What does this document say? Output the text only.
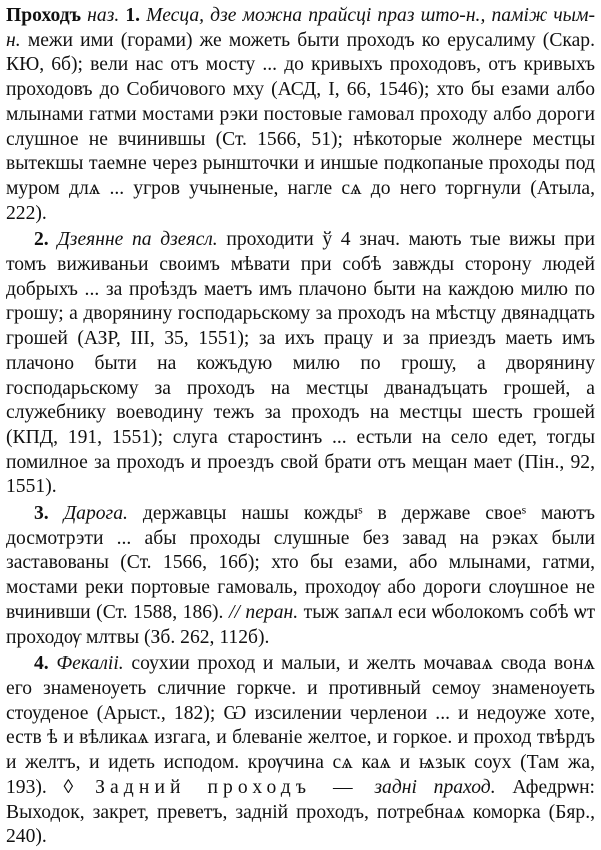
Проходъ наз. 1. Месца, дзе можна прайсці праз што-н., паміж чым-н. межи ими (горами) же можеть быти проходъ ко ерусалиму (Скар. КЮ, 6б); вели нас отъ мосту ... до кривыхъ проходовъ, отъ кривыхъ проходовъ до Собичового мху (АСД, I, 66, 1546); хто бы езами албо млынами гатми мостами рэки постовые гамовал проходу албо дороги слушное не вчинившы (Ст. 1566, 51); нѣкоторые жолнере местцы вытекшы таемне через рыншточки и иншые подкопаные проходы под муром длѧ ... угров учыненые, нагле сѧ до него торгнули (Атыла, 222).

2. Дзеянне па дзеясл. проходити ў 4 знач. мають тые вижы при томъ виживаньи своимъ мѣвати при собѣ завжды сторону людей добрыхъ ... за проѣздъ маетъ имъ плачоно быти на каждою милю по грошу; а дворянину господарьскому за проходъ на мѣстцу двянадцать грошей (АЗР, III, 35, 1551); за ихъ працу и за приездъ маеть имъ плачоно быти на кожъдую милю по грошу, а дворянину господарьскому за проходъ на местцы дванадъцать грошей, а служебнику воеводину тежъ за проходъ на местцы шесть грошей (КПД, 191, 1551); слуга старостинъ ... естьли на село едет, тогды помилное за проходъ и проездъ свой брати отъ мещан мает (Пін., 92, 1551).

3. Дарога. державцы нашы кождыˢ в державе своеˢ маютъ досмотрэти ... абы проходы слушные без завад на рэках были заставованы (Ст. 1566, 16б); хто бы езами, або млынами, гатми, мостами реки портовые гамоваль, проходѹ або дороги слѹшное не вчинивши (Ст. 1588, 186). // перан. тыж запѧл еси ѡболокомъ собѣ ѡт проходѹ млтвы (Зб. 262, 112б).

4. Фекаліі. соухии проход и малыи, и желть мочаваѧ свода вонѧ его знаменоуеть сличние горкче. и противный семоу знаменоуеть стоуденое (Арыст., 182); Ѡ изсилении черленои ... и недоуже хоте, еств ѣ и вѣликаѧ изгага, и блеванie желтое, и горкое. и проход твѣрдъ и желтъ, и идеть исподом. крѹчина сѧ каѧ и ѩзык соух (Там жа, 193). ◊ Задний проходъ — задні праход. Афедрѡн: Выходок, закрет, преветъ, задній проходъ, потребнаѧ коморка (Бяр., 240).
